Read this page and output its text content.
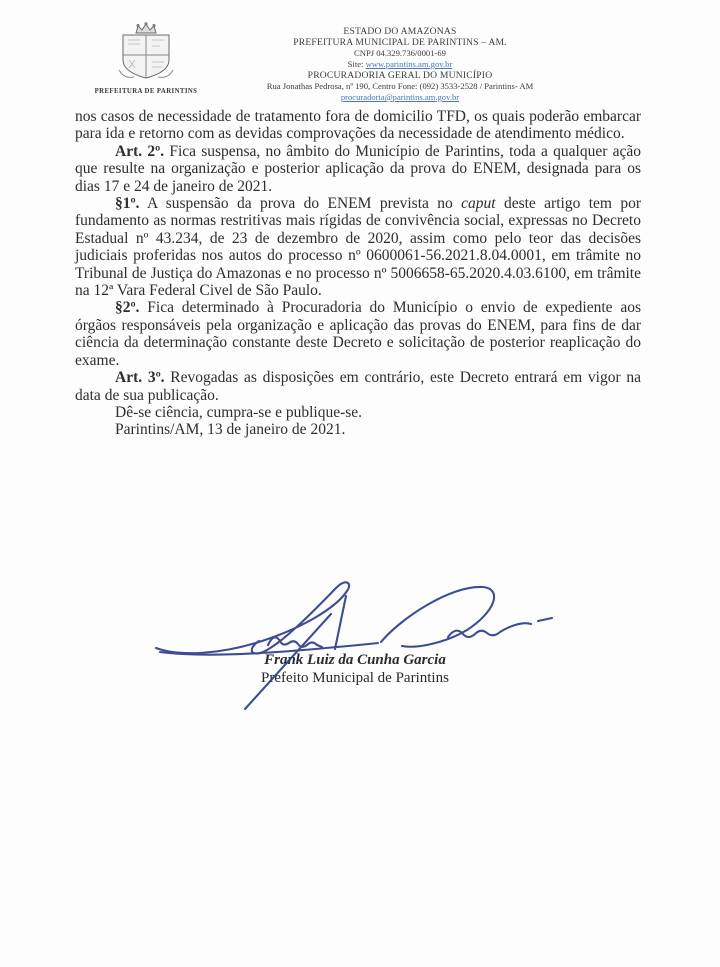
PREFEITURA DE PARINTINS
ESTADO DO AMAZONAS
PREFEITURA MUNICIPAL DE PARINTINS – AM.
CNPJ 04.329.736/0001-69
Site: www.parintins.am.gov.br
PROCURADORIA GERAL DO MUNICÍPIO
Rua Jonathas Pedrosa, nº 190, Centro Fone: (092) 3533-2528 / Parintins- AM
procuradoria@parintins.am.gov.br

nos casos de necessidade de tratamento fora de domicilio TFD, os quais poderão embarcar para ida e retorno com as devidas comprovações da necessidade de atendimento médico.

Art. 2º. Fica suspensa, no âmbito do Município de Parintins, toda a qualquer ação que resulte na organização e posterior aplicação da prova do ENEM, designada para os dias 17 e 24 de janeiro de 2021.

§1º. A suspensão da prova do ENEM prevista no caput deste artigo tem por fundamento as normas restritivas mais rígidas de convivência social, expressas no Decreto Estadual nº 43.234, de 23 de dezembro de 2020, assim como pelo teor das decisões judiciais proferidas nos autos do processo nº 0600061-56.2021.8.04.0001, em trâmite no Tribunal de Justiça do Amazonas e no processo nº 5006658-65.2020.4.03.6100, em trâmite na 12ª Vara Federal Civel de São Paulo.

§2º. Fica determinado à Procuradoria do Município o envio de expediente aos órgãos responsáveis pela organização e aplicação das provas do ENEM, para fins de dar ciência da determinação constante deste Decreto e solicitação de posterior reaplicação do exame.

Art. 3º. Revogadas as disposições em contrário, este Decreto entrará em vigor na data de sua publicação.

Dê-se ciência, cumpra-se e publique-se.

Parintins/AM, 13 de janeiro de 2021.

Frank Luiz da Cunha Garcia
Prefeito Municipal de Parintins
